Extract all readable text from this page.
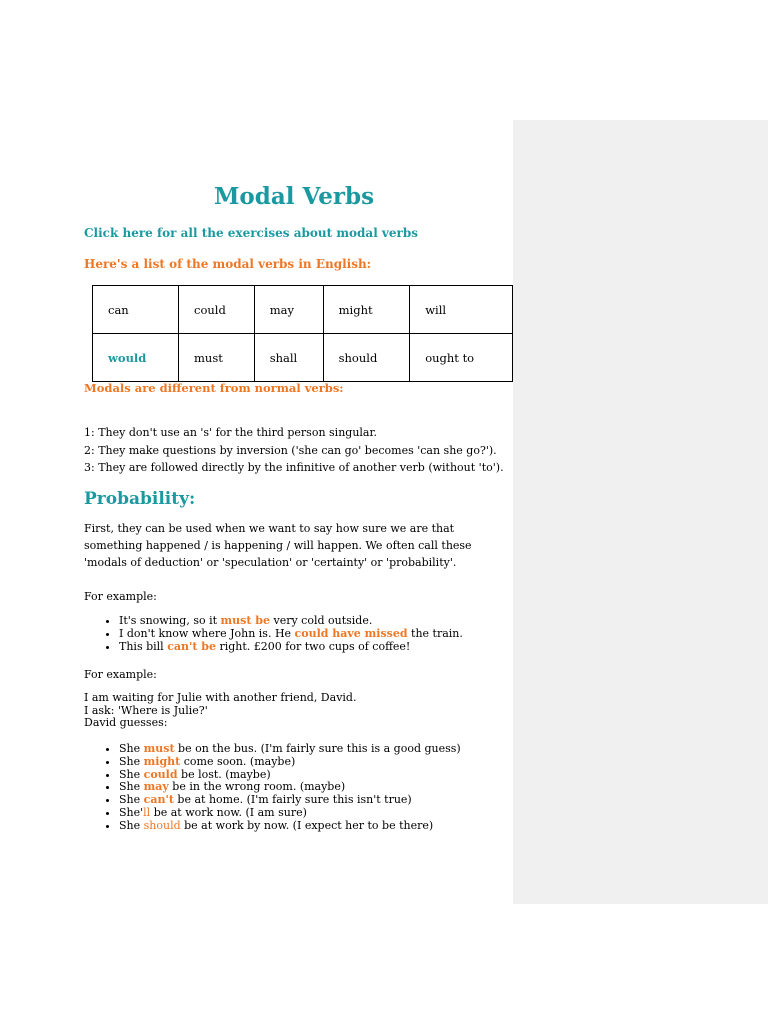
Modal Verbs
Click here for all the exercises about modal verbs

Here's a list of the modal verbs in English:

can	could	may	might	will
would	must	shall	should	ought to

Modals are different from normal verbs:

1: They don't use an 's' for the third person singular.
2: They make questions by inversion ('she can go' becomes 'can she go?').
3: They are followed directly by the infinitive of another verb (without 'to').
Probability:

First, they can be used when we want to say how sure we are that something happened / is happening / will happen. We often call these 'modals of deduction' or 'speculation' or 'certainty' or 'probability'.

For example:

• It's snowing, so it must be very cold outside.
• I don't know where John is. He could have missed the train.
• This bill can't be right. £200 for two cups of coffee!

For example:

I am waiting for Julie with another friend, David.
I ask: 'Where is Julie?'
David guesses:

• She must be on the bus. (I'm fairly sure this is a good guess)
• She might come soon. (maybe)
• She could be lost. (maybe)
• She may be in the wrong room. (maybe)
• She can't be at home. (I'm fairly sure this isn't true)
• She'll be at work now. (I am sure)
• She should be at work by now. (I expect her to be there)
